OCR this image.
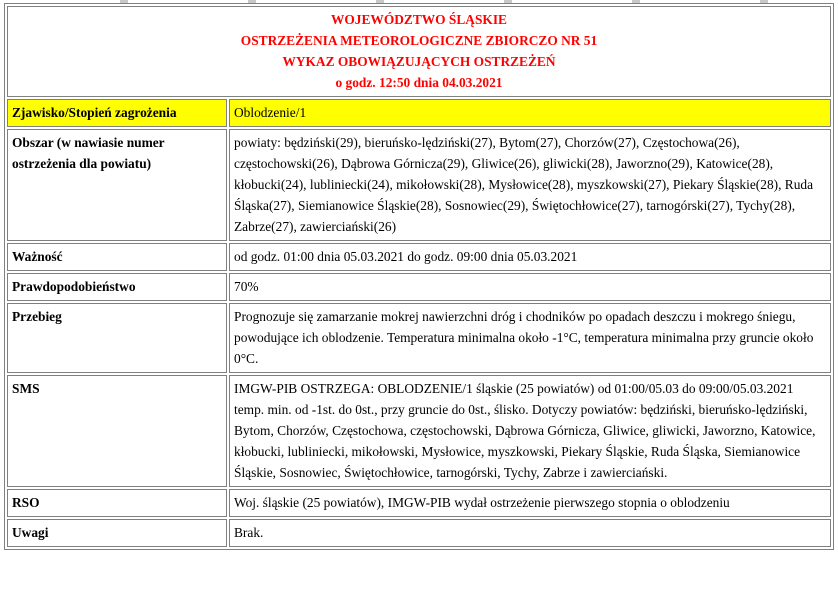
WOJEWÓDZTWO ŚLĄSKIE
OSTRZEŻENIA METEOROLOGICZNE ZBIORCZO NR 51
WYKAZ OBOWIĄZUJĄCYCH OSTRZEŻEŃ
o godz. 12:50 dnia 04.03.2021	

Zjawisko/Stopień zagrożenia	Oblodzenie/1
Obszar (w nawiasie numer ostrzeżenia dla powiatu)	powiaty: będziński(29), bieruńsko-lędziński(27), Bytom(27), Chorzów(27), Częstochowa(26), częstochowski(26), Dąbrowa Górnicza(29), Gliwice(26), gliwicki(28), Jaworzno(29), Katowice(28), kłobucki(24), lubliniecki(24), mikołowski(28), Mysłowice(28), myszkowski(27), Piekary Śląskie(28), Ruda Śląska(27), Siemianowice Śląskie(28), Sosnowiec(29), Świętochłowice(27), tarnogórski(27), Tychy(28), Zabrze(27), zawierciański(26)
Ważność	od godz. 01:00 dnia 05.03.2021 do godz. 09:00 dnia 05.03.2021
Prawdopodobieństwo	70%
Przebieg	Prognozuje się zamarzanie mokrej nawierzchni dróg i chodników po opadach deszczu i mokrego śniegu, powodujące ich oblodzenie. Temperatura minimalna około -1°C, temperatura minimalna przy gruncie około 0°C.
SMS	IMGW-PIB OSTRZEGA: OBLODZENIE/1 śląskie (25 powiatów) od 01:00/05.03 do 09:00/05.03.2021 temp. min. od -1st. do 0st., przy gruncie do 0st., ślisko. Dotyczy powiatów: będziński, bieruńsko-lędziński, Bytom, Chorzów, Częstochowa, częstochowski, Dąbrowa Górnicza, Gliwice, gliwicki, Jaworzno, Katowice, kłobucki, lubliniecki, mikołowski, Mysłowice, myszkowski, Piekary Śląskie, Ruda Śląska, Siemianowice Śląskie, Sosnowiec, Świętochłowice, tarnogórski, Tychy, Zabrze i zawierciański.
RSO	Woj. śląskie (25 powiatów), IMGW-PIB wydał ostrzeżenie pierwszego stopnia o oblodzeniu
Uwagi	Brak.
